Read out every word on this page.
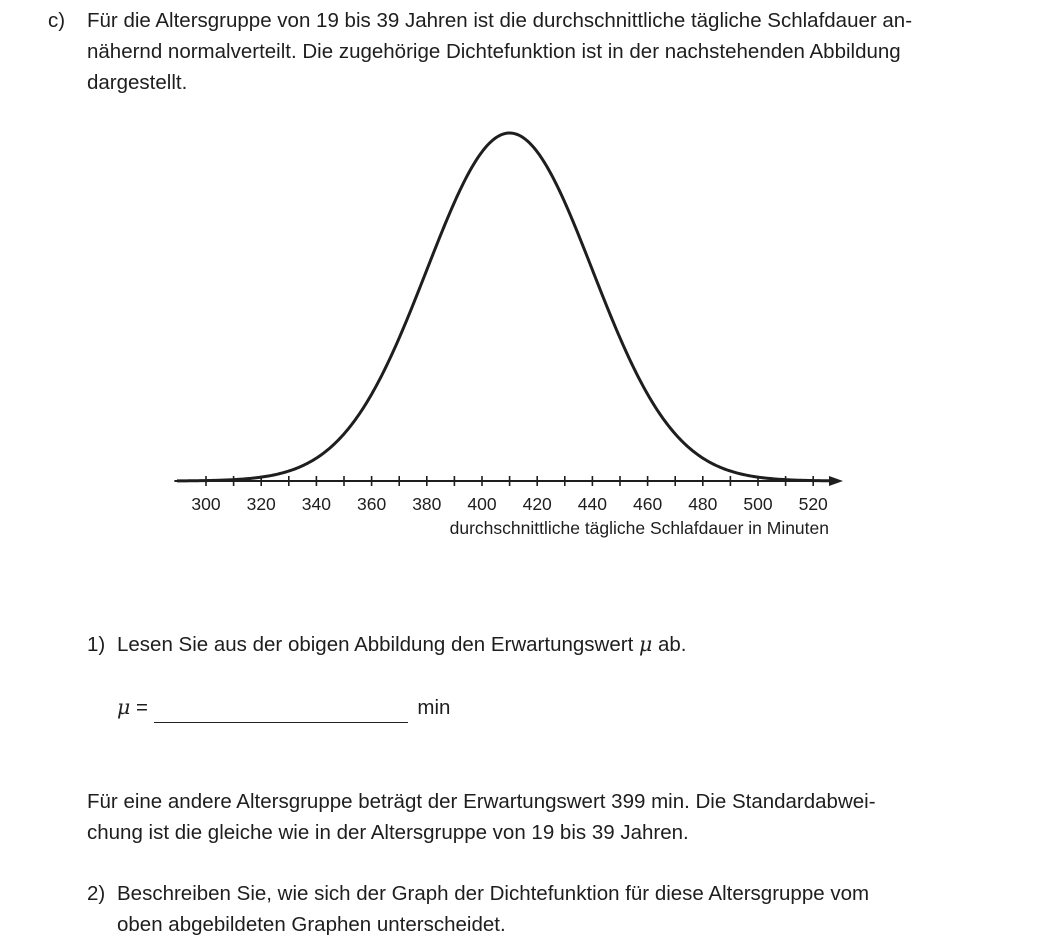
c) Für die Altersgruppe von 19 bis 39 Jahren ist die durchschnittliche tägliche Schlafdauer an-
nähernd normalverteilt. Die zugehörige Dichtefunktion ist in der nachstehenden Abbildung
dargestellt.
300 320 340 360 380 400 420 440 460 480 500 520
durchschnittliche tägliche Schlafdauer in Minuten
1) Lesen Sie aus der obigen Abbildung den Erwartungswert μ ab.
μ =	min
Für eine andere Altersgruppe beträgt der Erwartungswert 399 min. Die Standardabwei-
chung ist die gleiche wie in der Altersgruppe von 19 bis 39 Jahren.
2) Beschreiben Sie, wie sich der Graph der Dichtefunktion für diese Altersgruppe vom
oben abgebildeten Graphen unterscheidet.
